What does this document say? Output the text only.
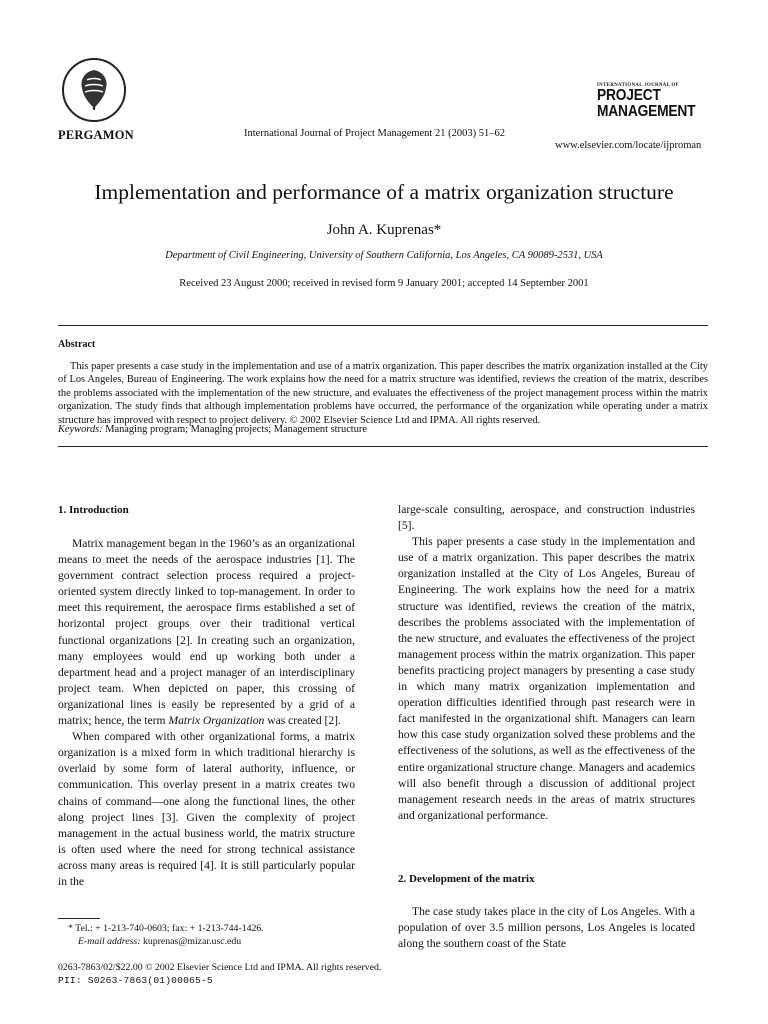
PERGAMON	International Journal of Project Management 21 (2003) 51–62
INTERNATIONAL JOURNAL OF
PROJECT
MANAGEMENT
www.elsevier.com/locate/ijproman
Implementation and performance of a matrix organization structure
John A. Kuprenas*
Department of Civil Engineering, University of Southern California, Los Angeles, CA 90089-2531, USA
Received 23 August 2000; received in revised form 9 January 2001; accepted 14 September 2001
Abstract

This paper presents a case study in the implementation and use of a matrix organization. This paper describes the matrix organization installed at the City of Los Angeles, Bureau of Engineering. The work explains how the need for a matrix structure was identified, reviews the creation of the matrix, describes the problems associated with the implementation of the new structure, and evaluates the effectiveness of the project management process within the matrix organization. The study finds that although implementation problems have occurred, the performance of the organization while operating under a matrix structure has improved with respect to project delivery. © 2002 Elsevier Science Ltd and IPMA. All rights reserved.

Keywords: Managing program; Managing projects; Management structure
1. Introduction

Matrix management began in the 1960’s as an organizational means to meet the needs of the aerospace industries [1]. The government contract selection process required a project-oriented system directly linked to top-management. In order to meet this requirement, the aerospace firms established a set of horizontal project groups over their traditional vertical functional organizations [2]. In creating such an organization, many employees would end up working both under a department head and a project manager of an interdisciplinary project team. When depicted on paper, this crossing of organizational lines is easily be represented by a grid of a matrix; hence, the term Matrix Organization was created [2].

When compared with other organizational forms, a matrix organization is a mixed form in which traditional hierarchy is overlaid by some form of lateral authority, influence, or communication. This overlay present in a matrix creates two chains of command—one along the functional lines, the other along project lines [3]. Given the complexity of project management in the actual business world, the matrix structure is often used where the need for strong technical assistance across many areas is required [4]. It is still particularly popular in the

large-scale consulting, aerospace, and construction industries [5].

This paper presents a case study in the implementation and use of a matrix organization. This paper describes the matrix organization installed at the City of Los Angeles, Bureau of Engineering. The work explains how the need for a matrix structure was identified, reviews the creation of the matrix, describes the problems associated with the implementation of the new structure, and evaluates the effectiveness of the project management process within the matrix organization. This paper benefits practicing project managers by presenting a case study in which many matrix organization implementation and operation difficulties identified through past research were in fact manifested in the organizational shift. Managers can learn how this case study organization solved these problems and the effectiveness of the solutions, as well as the effectiveness of the entire organizational structure change. Managers and academics will also benefit through a discussion of additional project management research needs in the areas of matrix structures and organizational performance.

2. Development of the matrix

The case study takes place in the city of Los Angeles. With a population of over 3.5 million persons, Los Angeles is located along the southern coast of the State

* Tel.: + 1-213-740-0603; fax: + 1-213-744-1426.
E-mail address: kuprenas@mizar.usc.edu
0263-7863/02/$22.00 © 2002 Elsevier Science Ltd and IPMA. All rights reserved.
PII: S0263-7863(01)00065-5
